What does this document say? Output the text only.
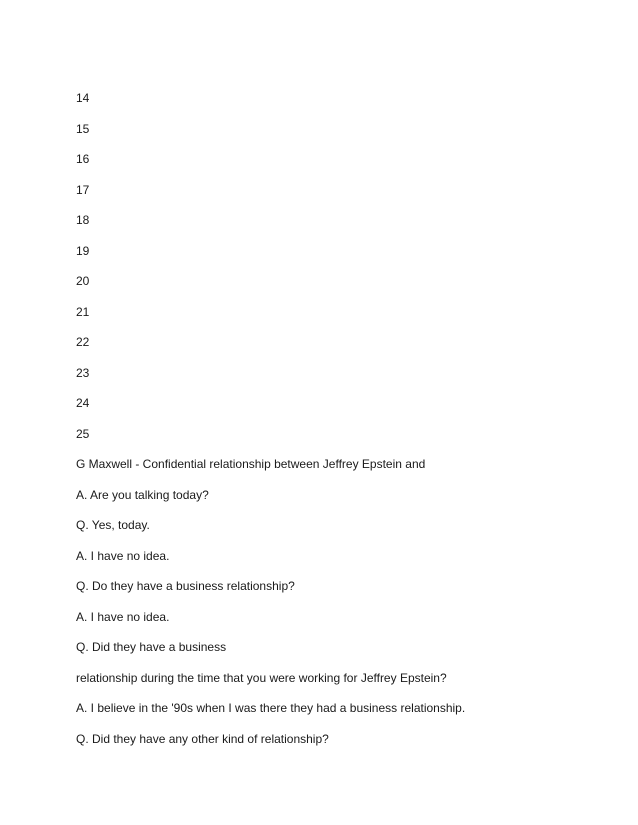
14
15
16
17
18
19
20
21
22
23
24
25
G Maxwell - Confidential relationship between Jeffrey Epstein and
A. Are you talking today?
Q. Yes, today.
A. I have no idea.
Q. Do they have a business relationship?
A. I have no idea.
Q. Did they have a business
relationship during the time that you were working for Jeffrey Epstein?
A. I believe in the '90s when I was there they had a business relationship.
Q. Did they have any other kind of relationship?
